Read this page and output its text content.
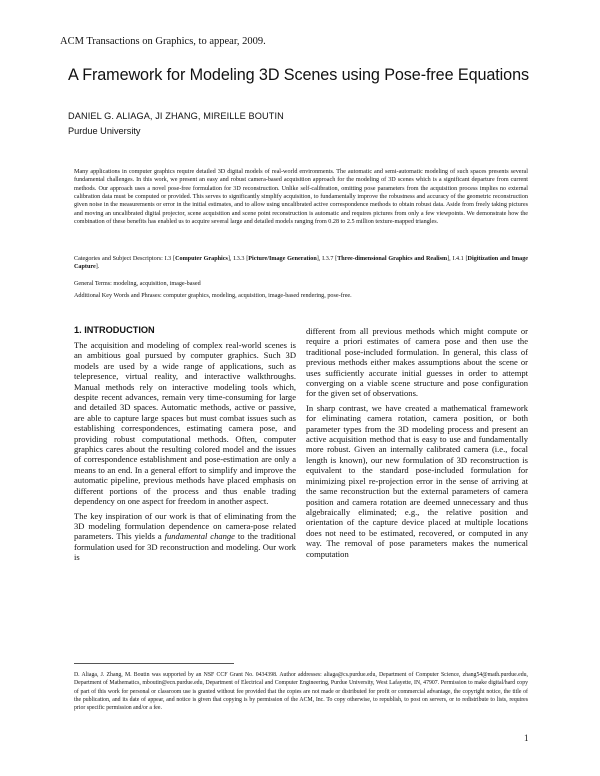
ACM Transactions on Graphics, to appear, 2009.
A Framework for Modeling 3D Scenes using Pose-free Equations
DANIEL G. ALIAGA, JI ZHANG, MIREILLE BOUTIN
Purdue University
Many applications in computer graphics require detailed 3D digital models of real-world environments. The automatic and semi-automatic modeling of such spaces presents several fundamental challenges. In this work, we present an easy and robust camera-based acquisition approach for the modeling of 3D scenes which is a significant departure from current methods. Our approach uses a novel pose-free formulation for 3D reconstruction. Unlike self-calibration, omitting pose parameters from the acquisition process implies no external calibration data must be computed or provided. This serves to significantly simplify acquisition, to fundamentally improve the robustness and accuracy of the geometric reconstruction given noise in the measurements or error in the initial estimates, and to allow using uncalibrated active correspondence methods to obtain robust data. Aside from freely taking pictures and moving an uncalibrated digital projector, scene acquisition and scene point reconstruction is automatic and requires pictures from only a few viewpoints. We demonstrate how the combination of these benefits has enabled us to acquire several large and detailed models ranging from 0.28 to 2.5 million texture-mapped triangles.
Categories and Subject Descriptors: I.3 [Computer Graphics], I.3.3 [Picture/Image Generation], I.3.7 [Three-dimensional Graphics and Realism], I.4.1 [Digitization and Image Capture].
General Terms: modeling, acquisition, image-based
Additional Key Words and Phrases: computer graphics, modeling, acquisition, image-based rendering, pose-free.
1. INTRODUCTION

The acquisition and modeling of complex real-world scenes is an ambitious goal pursued by computer graphics. Such 3D models are used by a wide range of applications, such as telepresence, virtual reality, and interactive walkthroughs. Manual methods rely on interactive modeling tools which, despite recent advances, remain very time-consuming for large and detailed 3D spaces. Automatic methods, active or passive, are able to capture large spaces but must combat issues such as establishing correspondences, estimating camera pose, and providing robust computational methods. Often, computer graphics cares about the resulting colored model and the issues of correspondence establishment and pose-estimation are only a means to an end. In a general effort to simplify and improve the automatic pipeline, previous methods have placed emphasis on different portions of the process and thus enable trading dependency on one aspect for freedom in another aspect.

The key inspiration of our work is that of eliminating from the 3D modeling formulation dependence on camera-pose related parameters. This yields a fundamental change to the traditional formulation used for 3D reconstruction and modeling. Our work is

different from all previous methods which might compute or require a priori estimates of camera pose and then use the traditional pose-included formulation. In general, this class of previous methods either makes assumptions about the scene or uses sufficiently accurate initial guesses in order to attempt converging on a viable scene structure and pose configuration for the given set of observations.

In sharp contrast, we have created a mathematical framework for eliminating camera rotation, camera position, or both parameter types from the 3D modeling process and present an active acquisition method that is easy to use and fundamentally more robust. Given an internally calibrated camera (i.e., focal length is known), our new formulation of 3D reconstruction is equivalent to the standard pose-included formulation for minimizing pixel re-projection error in the sense of arriving at the same reconstruction but the external parameters of camera position and camera rotation are deemed unnecessary and thus algebraically eliminated; e.g., the relative position and orientation of the capture device placed at multiple locations does not need to be estimated, recovered, or computed in any way. The removal of pose parameters makes the numerical computation

D. Aliaga, J. Zhang, M. Boutin was supported by an NSF CCF Grant No. 0434398. Author addresses: aliaga@cs.purdue.edu, Department of Computer Science, zhang54@math.purdue.edu, Department of Mathematics, mboutin@ecn.purdue.edu, Department of Electrical and Computer Engineering, Purdue University, West Lafayette, IN, 47907. Permission to make digital/hard copy of part of this work for personal or classroom use is granted without fee provided that the copies are not made or distributed for profit or commercial advantage, the copyright notice, the title of the publication, and its date of appear, and notice is given that copying is by permission of the ACM, Inc. To copy otherwise, to republish, to post on servers, or to redistribute to lists, requires prior specific permission and/or a fee.
1
